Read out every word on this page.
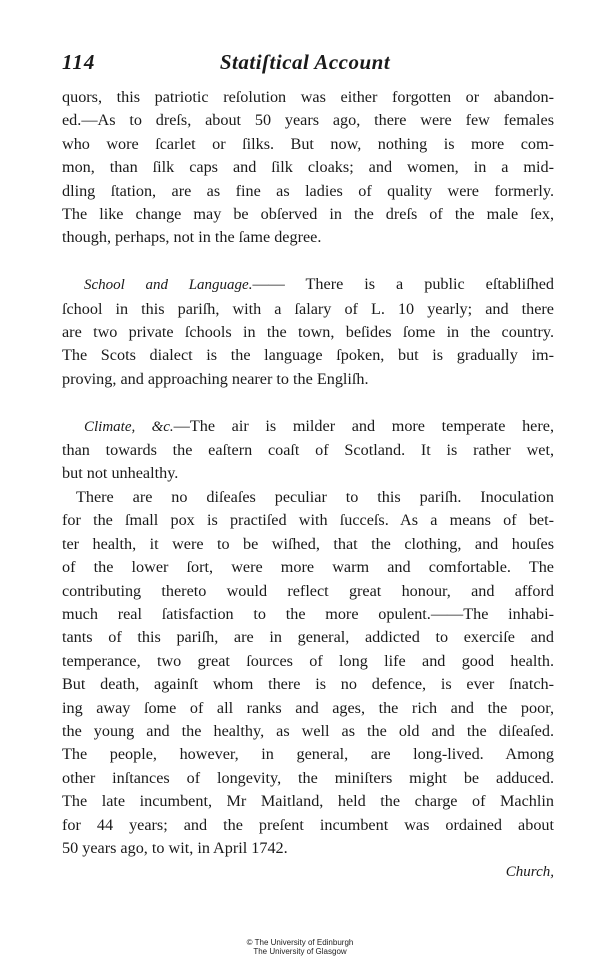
114	Statiſtical Account
quors, this patriotic reſolution was either forgotten or abandon-
ed.—As to dreſs, about 50 years ago, there were few females
who wore ſcarlet or ſilks. But now, nothing is more com-
mon, than ſilk caps and ſilk cloaks; and women, in a mid-
dling ſtation, are as fine as ladies of quality were formerly.
The like change may be obſerved in the dreſs of the male ſex,
though, perhaps, not in the ſame degree.
School and Language.—— There is a public eſtabliſhed
ſchool in this pariſh, with a ſalary of L. 10 yearly; and there
are two private ſchools in the town, beſides ſome in the country.
The Scots dialect is the language ſpoken, but is gradually im-
proving, and approaching nearer to the Engliſh.
Climate, &c.—The air is milder and more temperate here,
than towards the eaſtern coaſt of Scotland. It is rather wet,
but not unhealthy.
There are no diſeaſes peculiar to this pariſh. Inoculation
for the ſmall pox is practiſed with ſucceſs. As a means of bet-
ter health, it were to be wiſhed, that the clothing, and houſes
of the lower ſort, were more warm and comfortable. The
contributing thereto would reflect great honour, and afford
much real ſatisfaction to the more opulent.——The inhabi-
tants of this pariſh, are in general, addicted to exerciſe and
temperance, two great ſources of long life and good health.
But death, againſt whom there is no defence, is ever ſnatch-
ing away ſome of all ranks and ages, the rich and the poor,
the young and the healthy, as well as the old and the diſeaſed.
The people, however, in general, are long-lived. Among
other inſtances of longevity, the miniſters might be adduced.
The late incumbent, Mr Maitland, held the charge of Machlin
for 44 years; and the preſent incumbent was ordained about
50 years ago, to wit, in April 1742.
Church,
© The University of Edinburgh
The University of Glasgow
